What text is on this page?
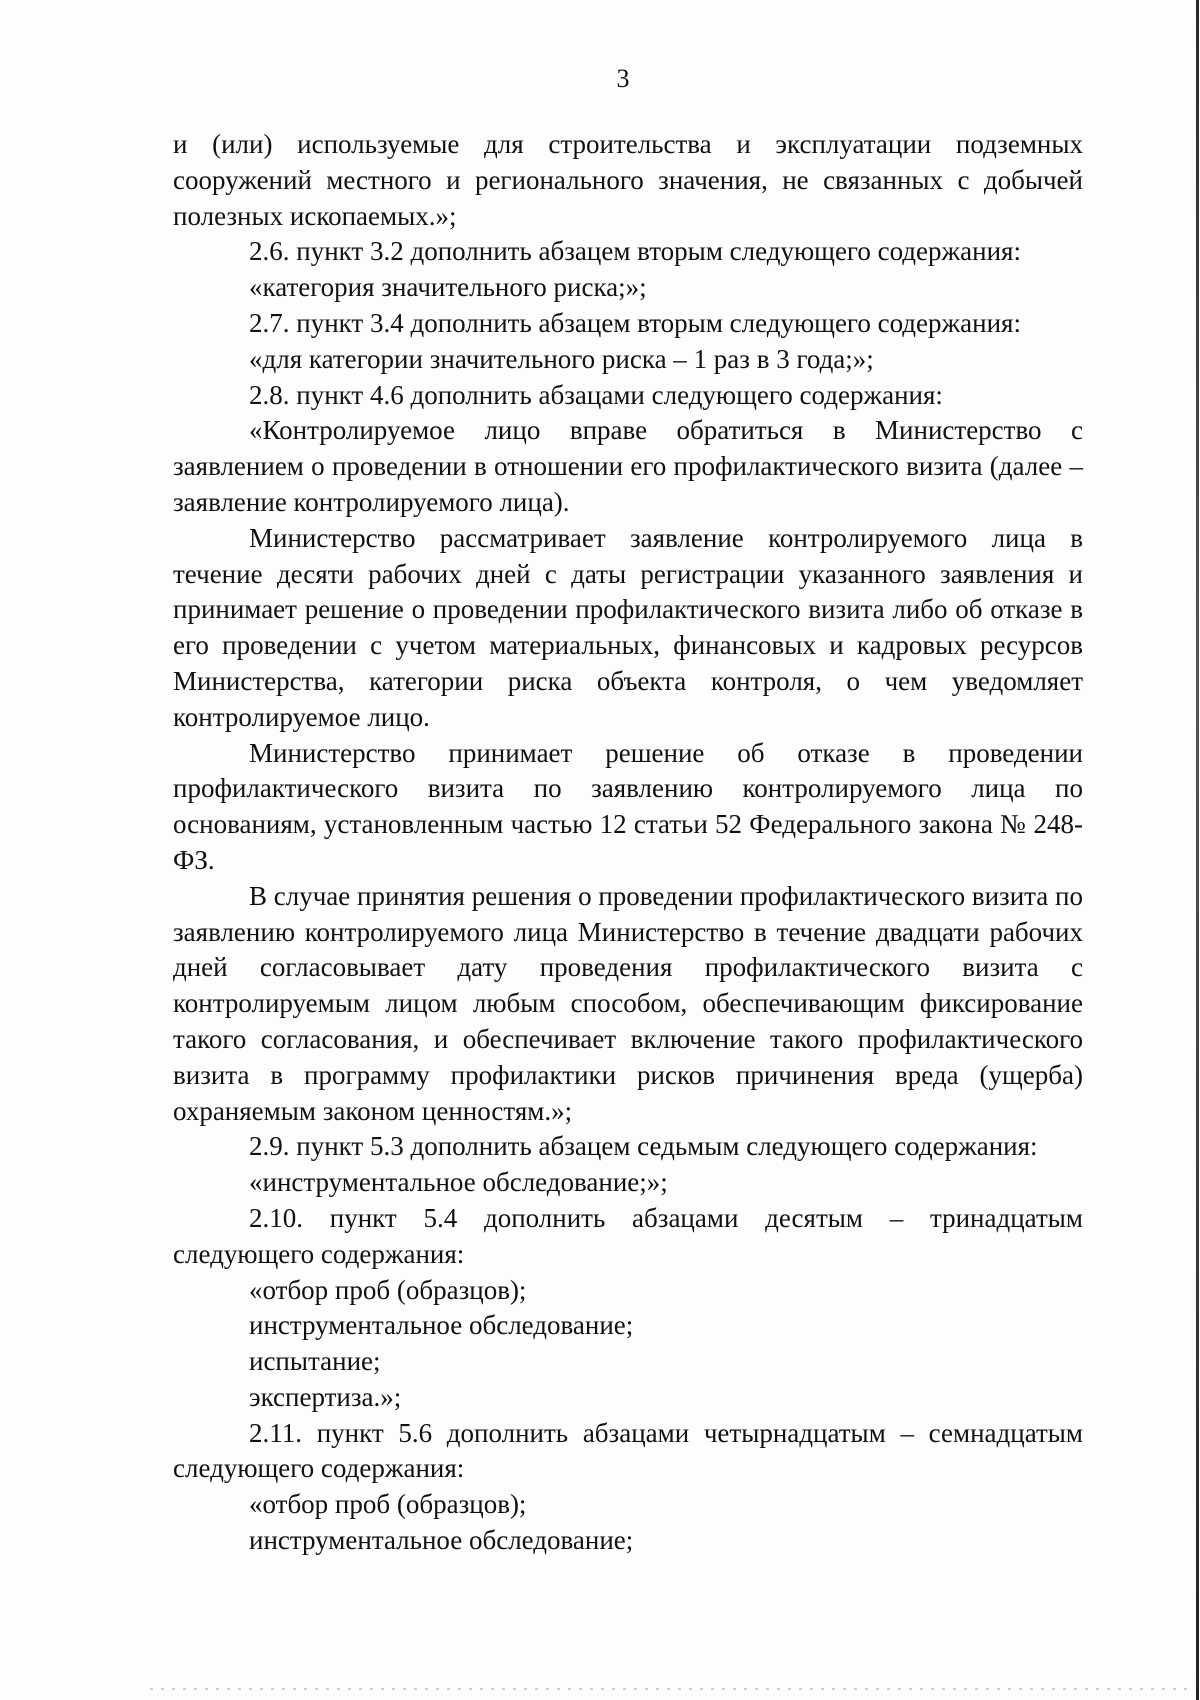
3

и (или) используемые для строительства и эксплуатации подземных сооружений местного и регионального значения, не связанных с добычей полезных ископаемых.»;

2.6. пункт 3.2 дополнить абзацем вторым следующего содержания:

«категория значительного риска;»;

2.7. пункт 3.4 дополнить абзацем вторым следующего содержания:

«для категории значительного риска – 1 раз в 3 года;»;

2.8. пункт 4.6 дополнить абзацами следующего содержания:

«Контролируемое лицо вправе обратиться в Министерство с заявлением о проведении в отношении его профилактического визита (далее – заявление контролируемого лица).

Министерство рассматривает заявление контролируемого лица в течение десяти рабочих дней с даты регистрации указанного заявления и принимает решение о проведении профилактического визита либо об отказе в его проведении с учетом материальных, финансовых и кадровых ресурсов Министерства, категории риска объекта контроля, о чем уведомляет контролируемое лицо.

Министерство принимает решение об отказе в проведении профилактического визита по заявлению контролируемого лица по основаниям, установленным частью 12 статьи 52 Федерального закона № 248-ФЗ.

В случае принятия решения о проведении профилактического визита по заявлению контролируемого лица Министерство в течение двадцати рабочих дней согласовывает дату проведения профилактического визита с контролируемым лицом любым способом, обеспечивающим фиксирование такого согласования, и обеспечивает включение такого профилактического визита в программу профилактики рисков причинения вреда (ущерба) охраняемым законом ценностям.»;

2.9. пункт 5.3 дополнить абзацем седьмым следующего содержания:

«инструментальное обследование;»;

2.10. пункт 5.4 дополнить абзацами десятым – тринадцатым следующего содержания:

«отбор проб (образцов);

инструментальное обследование;

испытание;

экспертиза.»;

2.11. пункт 5.6 дополнить абзацами четырнадцатым – семнадцатым следующего содержания:

«отбор проб (образцов);

инструментальное обследование;
